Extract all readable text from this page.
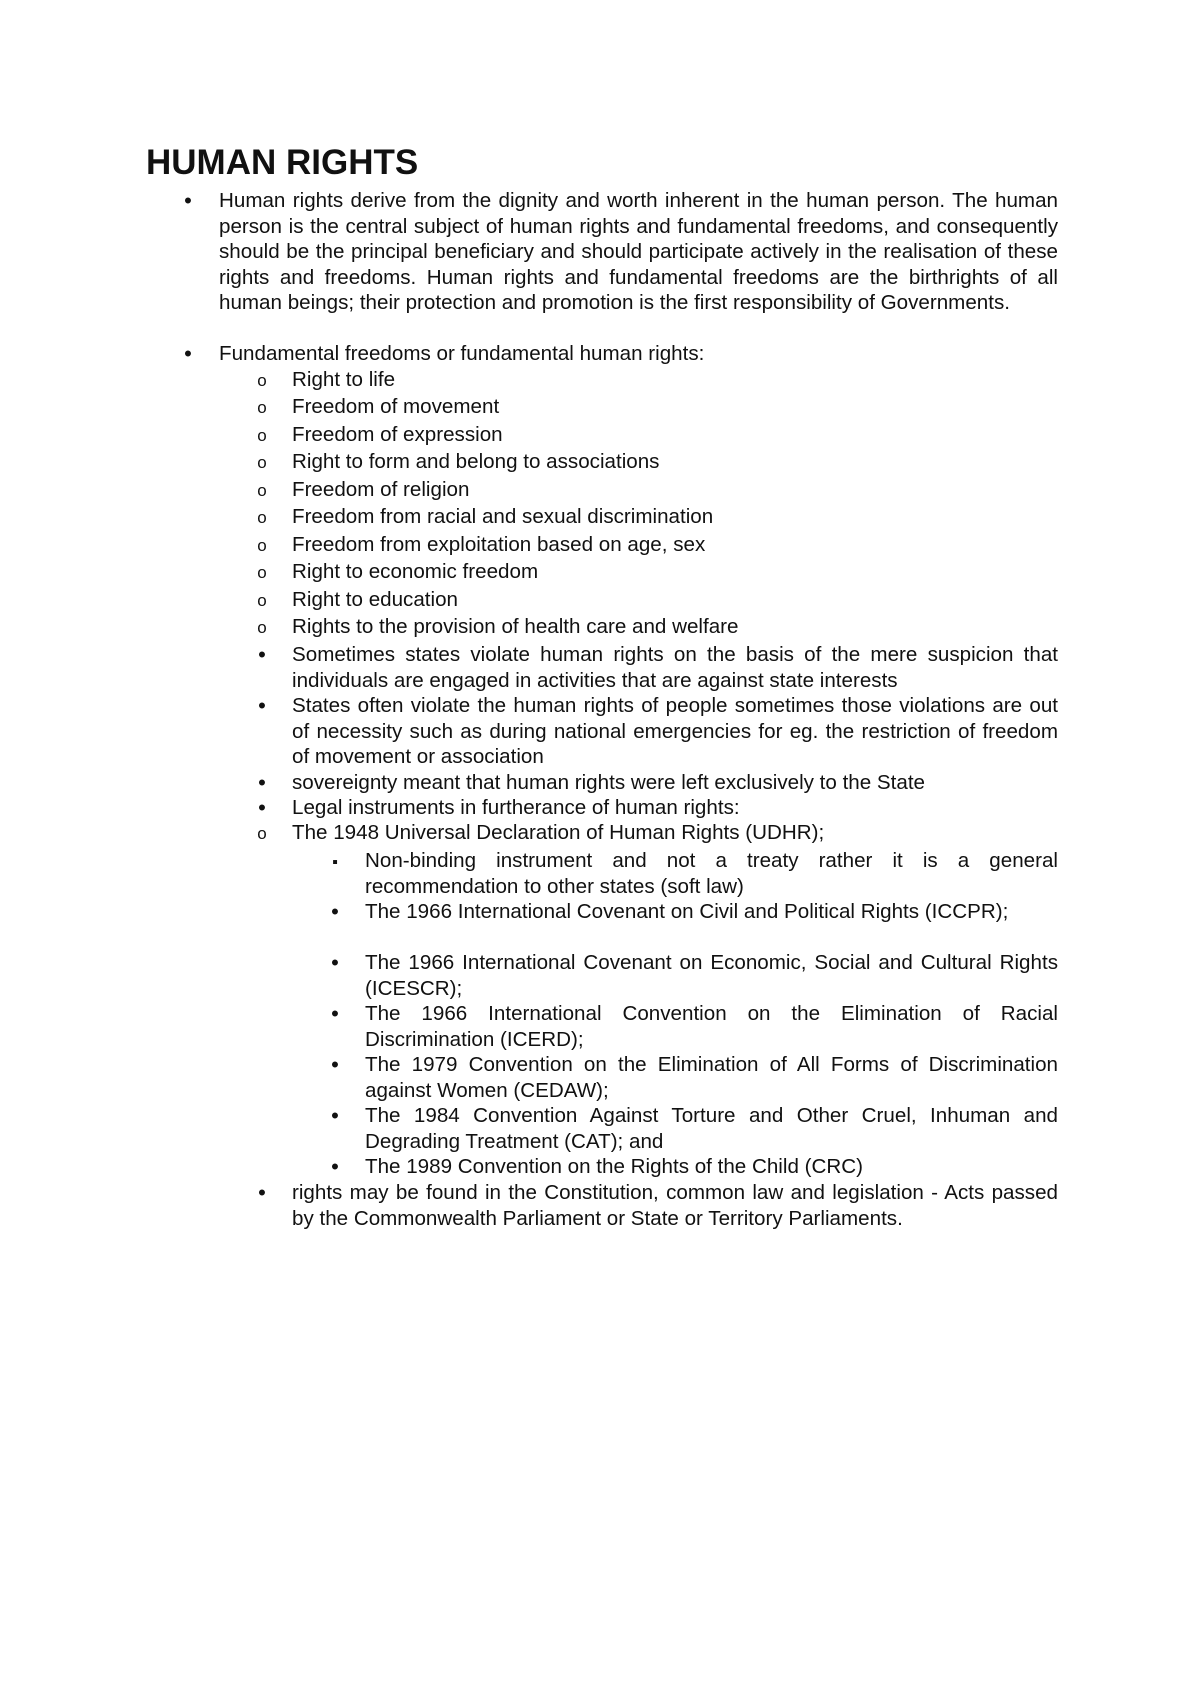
HUMAN RIGHTS
•
Human rights derive from the dignity and worth inherent in the human person. The human person is the central subject of human rights and fundamental freedoms, and consequently should be the principal beneficiary and should participate actively in the realisation of these rights and freedoms. Human rights and fundamental freedoms are the birthrights of all human beings; their protection and promotion is the first responsibility of Governments.
•
Fundamental freedoms or fundamental human rights:
o
Right to life
o
Freedom of movement
o
Freedom of expression
o
Right to form and belong to associations
o
Freedom of religion
o
Freedom from racial and sexual discrimination
o
Freedom from exploitation based on age, sex
o
Right to economic freedom
o
Right to education
o
Rights to the provision of health care and welfare
•
Sometimes states violate human rights on the basis of the mere suspicion that individuals are engaged in activities that are against state interests
•
States often violate the human rights of people sometimes those violations are out of necessity such as during national emergencies for eg. the restriction of freedom of movement or association
•
sovereignty meant that human rights were left exclusively to the State
•
Legal instruments in furtherance of human rights:
o
The 1948 Universal Declaration of Human Rights (UDHR);
▪
Non-binding instrument and not a treaty rather it is a general recommendation to other states (soft law)
•
The 1966 International Covenant on Civil and Political Rights (ICCPR);
•
The 1966 International Covenant on Economic, Social and Cultural Rights (ICESCR);
•
The 1966 International Convention on the Elimination of Racial Discrimination (ICERD);
•
The 1979 Convention on the Elimination of All Forms of Discrimination against Women (CEDAW);
•
The 1984 Convention Against Torture and Other Cruel, Inhuman and Degrading Treatment (CAT); and
•
The 1989 Convention on the Rights of the Child (CRC)
•
rights may be found in the Constitution, common law and legislation - Acts passed by the Commonwealth Parliament or State or Territory Parliaments.
